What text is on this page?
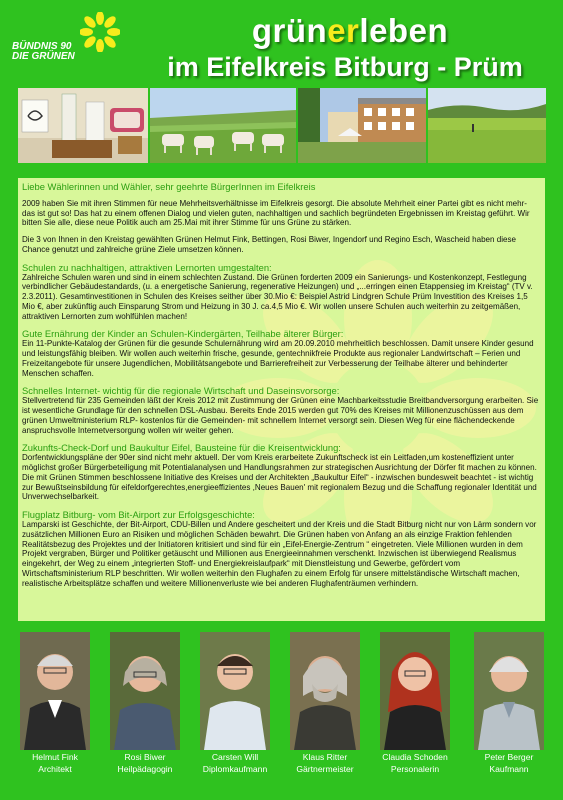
BÜNDNIS 90
DIE GRÜNEN
grünerleben
im Eifelkreis Bitburg - Prüm

Liebe Wählerinnen und Wähler, sehr geehrte BürgerInnen im Eifelkreis

2009 haben Sie mit ihren Stimmen für neue Mehrheitsverhältnisse im Eifelkreis gesorgt. Die absolute Mehrheit einer Partei gibt es nicht mehr- das ist gut so! Das hat zu einem offenen Dialog und vielen guten, nachhaltigen und sachlich begründeten Ergebnissen im Kreistag geführt. Wir bitten Sie alle, diese neue Politik auch am 25.Mai mit ihrer Stimme für uns Grüne zu stärken.

Die 3 von Ihnen in den Kreistag gewählten Grünen Helmut Fink, Bettingen, Rosi Biwer, Ingendorf und Regino Esch, Wascheid haben diese Chance genutzt und zahlreiche grüne Ziele umsetzen können.

Schulen zu nachhaltigen, attraktiven Lernorten umgestalten:

Zahlreiche Schulen waren und sind in einem schlechten Zustand. Die Grünen forderten 2009 ein Sanierungs- und Kostenkonzept, Festlegung verbindlicher Gebäudestandards, (u. a energetische Sanierung, regenerative Heizungen) und „...erringen einen Etappensieg im Kreistag“ (TV v. 2.3.2011). Gesamtinvestitionen in Schulen des Kreises seither über 30.Mio €: Beispiel Astrid Lindgren Schule Prüm Investition des Kreises 1,5 Mio €, aber zukünftig auch Einsparung Strom und Heizung in 30 J. ca.4,5 Mio €. Wir wollen unsere Schulen auch weiterhin zu zeitgemäßen, attraktiven Lernorten zum wohlfühlen machen!

Gute Ernährung der Kinder an Schulen-Kindergärten, Teilhabe älterer Bürger:

Ein 11-Punkte-Katalog der Grünen für die gesunde Schulernährung wird am 20.09.2010 mehrheitlich beschlossen. Damit unsere Kinder gesund und leistungsfähig bleiben. Wir wollen auch weiterhin frische, gesunde, gentechnikfreie Produkte aus regionaler Landwirtschaft – Ferien und Freizeitangebote für unsere Jugendlichen, Mobilitätsangebote und Barrierefreiheit zur Verbesserung der Teilhabe älterer und behinderter Menschen schaffen.

Schnelles Internet- wichtig für die regionale Wirtschaft und Daseinsvorsorge:

Stellvertretend für 235 Gemeinden läßt der Kreis 2012 mit Zustimmung der Grünen eine Machbarkeitsstudie Breitbandversorgung erarbeiten. Sie ist wesentliche Grundlage für den schnellen DSL-Ausbau. Bereits Ende 2015 werden gut 70% des Kreises mit Millionenzuschüssen aus dem grünen Umweltministerium RLP- kostenlos für die Gemeinden- mit schnellem Internet versorgt sein. Diesen Weg für eine flächendeckende anspruchsvolle Internetversorgung wollen wir weiter gehen.

Zukunfts-Check-Dorf und Baukultur Eifel, Bausteine für die Kreisentwicklung:

Dorfentwicklungspläne der 90er sind nicht mehr aktuell. Der vom Kreis erarbeitete Zukunftscheck ist ein Leitfaden,um kosteneffizient unter möglichst großer Bürgerbeteiligung mit Potentialanalysen und Handlungsrahmen zur strategischen Ausrichtung der Dörfer fit machen zu können. Die mit Grünen Stimmen beschlossene Initiative des Kreises und der Architekten „Baukultur Eifel“ - inzwischen bundesweit beachtet - ist wichtig zur Bewußtseinsbildung für eifeldorfgerechtes,energieeffizientes ,Neues Bauen' mit regionalem Bezug und die Schaffung regionaler Identität und Unverwechselbarkeit.

Flugplatz Bitburg- vom Bit-Airport zur Erfolgsgeschichte:

Lamparski ist Geschichte, der Bit-Airport, CDU-Billen und Andere gescheitert und der Kreis und die Stadt Bitburg nicht nur von Lärm sondern vor zusätzlichen Millionen Euro an Risiken und möglichen Schäden bewahrt. Die Grünen haben von Anfang an als einzige Fraktion fehlenden Realitätsbezug des Projektes und der Initiatoren kritisiert und sind für ein „Eifel-Energie-Zentrum “ eingetreten. Viele Millionen wurden in dem Projekt vergraben, Bürger und Politiker getäuscht und Millionen aus Energieeinnahmen verschenkt. Inzwischen ist überwiegend Realismus eingekehrt, der Weg zu einem „integrierten Stoff- und Energiekreislaufpark“ mit Dienstleistung und Gewerbe, gefördert vom Wirtschaftsministerium RLP beschritten. Wir wollen weiterhin den Flughafen zu einem Erfolg für unsere mittelständische Wirtschaft machen, realistische Arbeitsplätze schaffen und weitere Millionenverluste wie bei anderen Flughafenträumen verhindern.

Helmut Fink
Architekt
Rosi Biwer
Heilpädagogin
Carsten Will
Diplomkaufmann
Klaus Ritter
Gärtnermeister
Claudia Schoden
Personalerin
Peter Berger
Kaufmann
